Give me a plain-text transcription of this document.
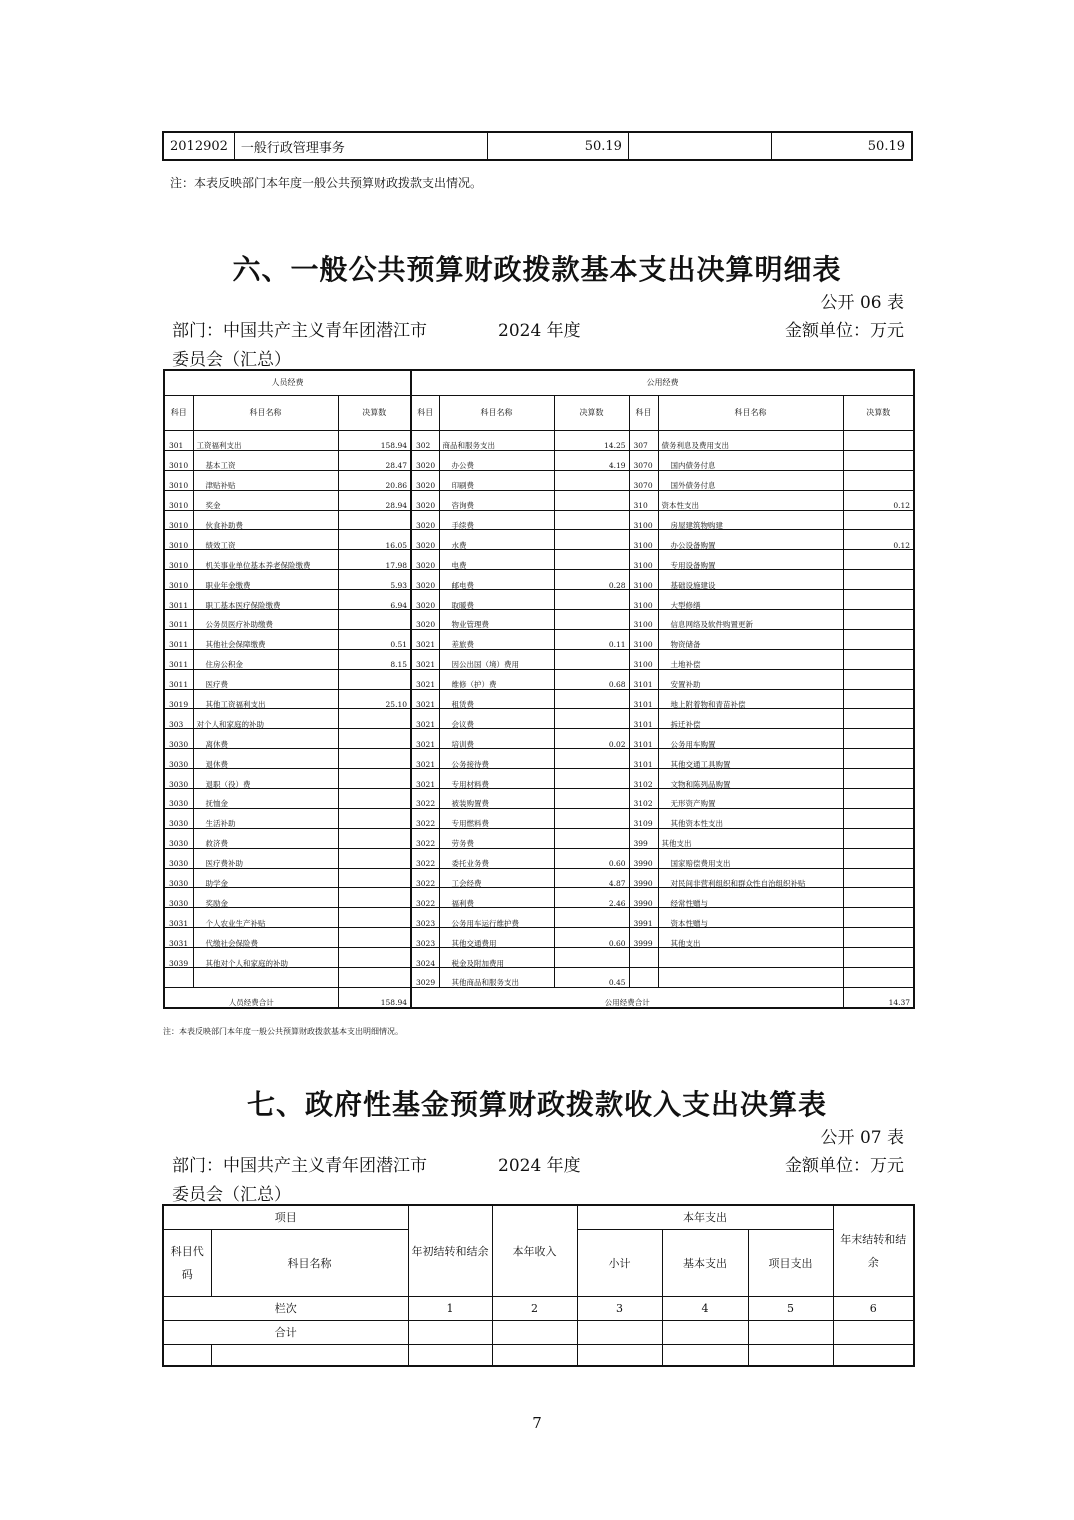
2012902	一般行政管理事务	50.19		50.19
注：本表反映部门本年度一般公共预算财政拨款支出情况。
六、一般公共预算财政拨款基本支出决算明细表
公开 06 表
部门：中国共产主义青年团潜江市	2024 年度	金额单位：万元
委员会（汇总）
人员经费			公用经费					
科目	科目名称	决算数	科目	科目名称	决算数	科目	科目名称	决算数
301	工资福利支出	158.94	302	商品和服务支出	14.25	307	债务利息及费用支出	
3010	基本工资	28.47	3020	办公费	4.19	3070	国内债务付息	
3010	津贴补贴	20.86	3020	印刷费		3070	国外债务付息	
3010	奖金	28.94	3020	咨询费		310	资本性支出	0.12
3010	伙食补助费		3020	手续费		3100	房屋建筑物购建	
3010	绩效工资	16.05	3020	水费		3100	办公设备购置	0.12
3010	机关事业单位基本养老保险缴费	17.98	3020	电费		3100	专用设备购置	
3010	职业年金缴费	5.93	3020	邮电费	0.28	3100	基础设施建设	
3011	职工基本医疗保险缴费	6.94	3020	取暖费		3100	大型修缮	
3011	公务员医疗补助缴费		3020	物业管理费		3100	信息网络及软件购置更新	
3011	其他社会保障缴费	0.51	3021	差旅费	0.11	3100	物资储备	
3011	住房公积金	8.15	3021	因公出国（境）费用		3100	土地补偿	
3011	医疗费		3021	维修（护）费	0.68	3101	安置补助	
3019	其他工资福利支出	25.10	3021	租赁费		3101	地上附着物和青苗补偿	
303	对个人和家庭的补助		3021	会议费		3101	拆迁补偿	
3030	离休费		3021	培训费	0.02	3101	公务用车购置	
3030	退休费		3021	公务接待费		3101	其他交通工具购置	
3030	退职（役）费		3021	专用材料费		3102	文物和陈列品购置	
3030	抚恤金		3022	被装购置费		3102	无形资产购置	
3030	生活补助		3022	专用燃料费		3109	其他资本性支出	
3030	救济费		3022	劳务费		399	其他支出	
3030	医疗费补助		3022	委托业务费	0.60	3990	国家赔偿费用支出	
3030	助学金		3022	工会经费	4.87	3990	对民间非营利组织和群众性自治组织补贴	
3030	奖励金		3022	福利费	2.46	3990	经常性赠与	
3031	个人农业生产补贴		3023	公务用车运行维护费		3991	资本性赠与	
3031	代缴社会保险费		3023	其他交通费用	0.60	3999	其他支出	
3039	其他对个人和家庭的补助		3024	税金及附加费用				
			3029	其他商品和服务支出	0.45			
人员经费合计		158.94	公用经费合计					14.37
注：本表反映部门本年度一般公共预算财政拨款基本支出明细情况。
七、政府性基金预算财政拨款收入支出决算表
公开 07 表
部门：中国共产主义青年团潜江市	2024 年度	金额单位：万元
委员会（汇总）
项目		年初结转和结余	本年收入	本年支出			年末结转和结余
科目代码	科目名称			小计	基本支出	项目支出	
栏次		1	2	3	4	5	6
合计							

7
